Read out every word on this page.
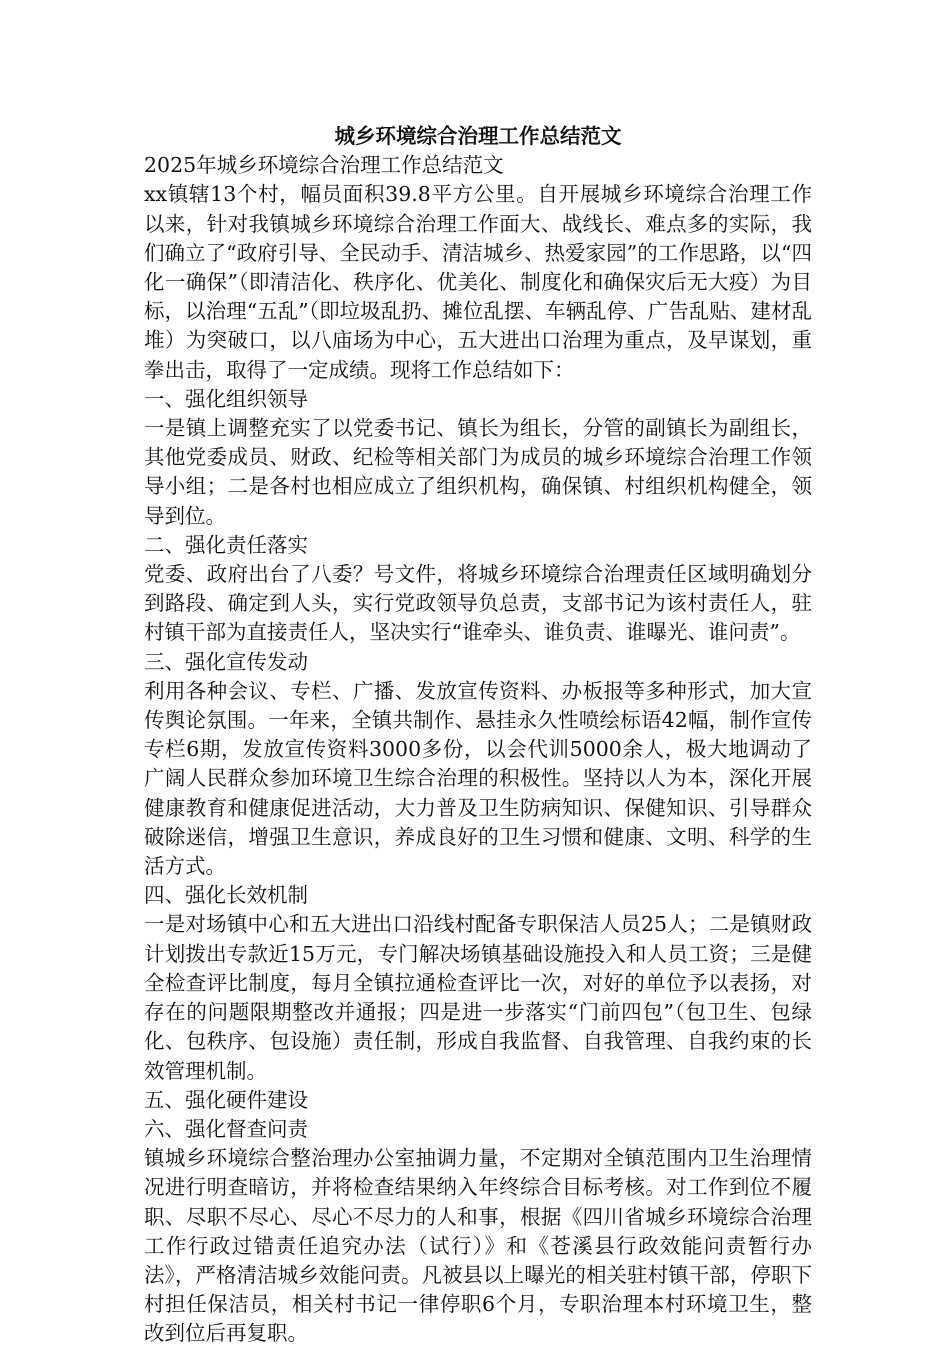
城乡环境综合治理工作总结范文

2025年城乡环境综合治理工作总结范文

xx镇辖13个村，幅员面积39.8平方公里。自开展城乡环境综合治理工作以来，针对我镇城乡环境综合治理工作面大、战线长、难点多的实际，我们确立了“政府引导、全民动手、清洁城乡、热爱家园”的工作思路，以“四化一确保”（即清洁化、秩序化、优美化、制度化和确保灾后无大疫）为目标，以治理“五乱”（即垃圾乱扔、摊位乱摆、车辆乱停、广告乱贴、建材乱堆）为突破口，以八庙场为中心，五大进出口治理为重点，及早谋划，重拳出击，取得了一定成绩。现将工作总结如下：

一、强化组织领导

一是镇上调整充实了以党委书记、镇长为组长，分管的副镇长为副组长，其他党委成员、财政、纪检等相关部门为成员的城乡环境综合治理工作领导小组；二是各村也相应成立了组织机构，确保镇、村组织机构健全，领导到位。

二、强化责任落实

党委、政府出台了八委？号文件，将城乡环境综合治理责任区域明确划分到路段、确定到人头，实行党政领导负总责，支部书记为该村责任人，驻村镇干部为直接责任人，坚决实行“谁牵头、谁负责、谁曝光、谁问责”。

三、强化宣传发动

利用各种会议、专栏、广播、发放宣传资料、办板报等多种形式，加大宣传舆论氛围。一年来，全镇共制作、悬挂永久性喷绘标语42幅，制作宣传专栏6期，发放宣传资料3000多份，以会代训5000余人，极大地调动了广阔人民群众参加环境卫生综合治理的积极性。坚持以人为本，深化开展健康教育和健康促进活动，大力普及卫生防病知识、保健知识、引导群众破除迷信，增强卫生意识，养成良好的卫生习惯和健康、文明、科学的生活方式。

四、强化长效机制

一是对场镇中心和五大进出口沿线村配备专职保洁人员25人；二是镇财政计划拨出专款近15万元，专门解决场镇基础设施投入和人员工资；三是健全检查评比制度，每月全镇拉通检查评比一次，对好的单位予以表扬，对存在的问题限期整改并通报；四是进一步落实“门前四包”（包卫生、包绿化、包秩序、包设施）责任制，形成自我监督、自我管理、自我约束的长效管理机制。

五、强化硬件建设

六、强化督查问责

镇城乡环境综合整治理办公室抽调力量，不定期对全镇范围内卫生治理情况进行明查暗访，并将检查结果纳入年终综合目标考核。对工作到位不履职、尽职不尽心、尽心不尽力的人和事，根据《四川省城乡环境综合治理工作行政过错责任追究办法（试行）》和《苍溪县行政效能问责暂行办法》，严格清洁城乡效能问责。凡被县以上曝光的相关驻村镇干部，停职下村担任保洁员，相关村书记一律停职6个月，专职治理本村环境卫生，整改到位后再复职。
